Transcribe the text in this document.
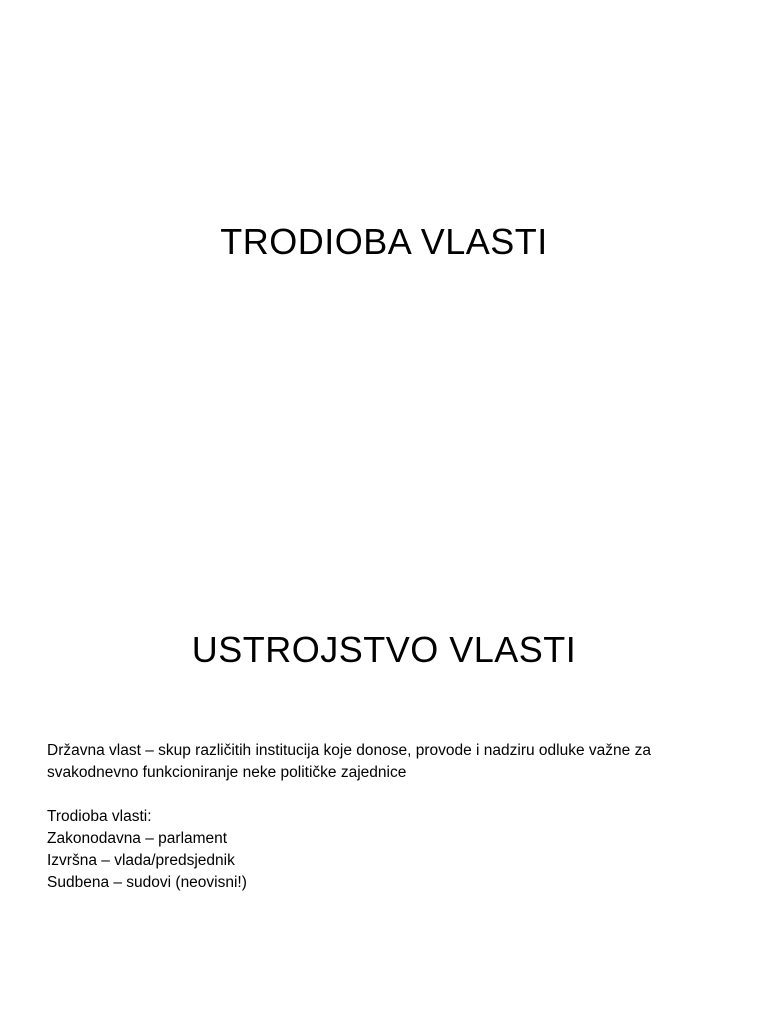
TRODIOBA VLASTI
USTROJSTVO VLASTI

Državna vlast – skup različitih institucija koje donose, provode i nadziru odluke važne za

svakodnevno funkcioniranje neke političke zajednice

Trodioba vlasti:

Zakonodavna – parlament

Izvršna – vlada/predsjednik

Sudbena – sudovi (neovisni!)
